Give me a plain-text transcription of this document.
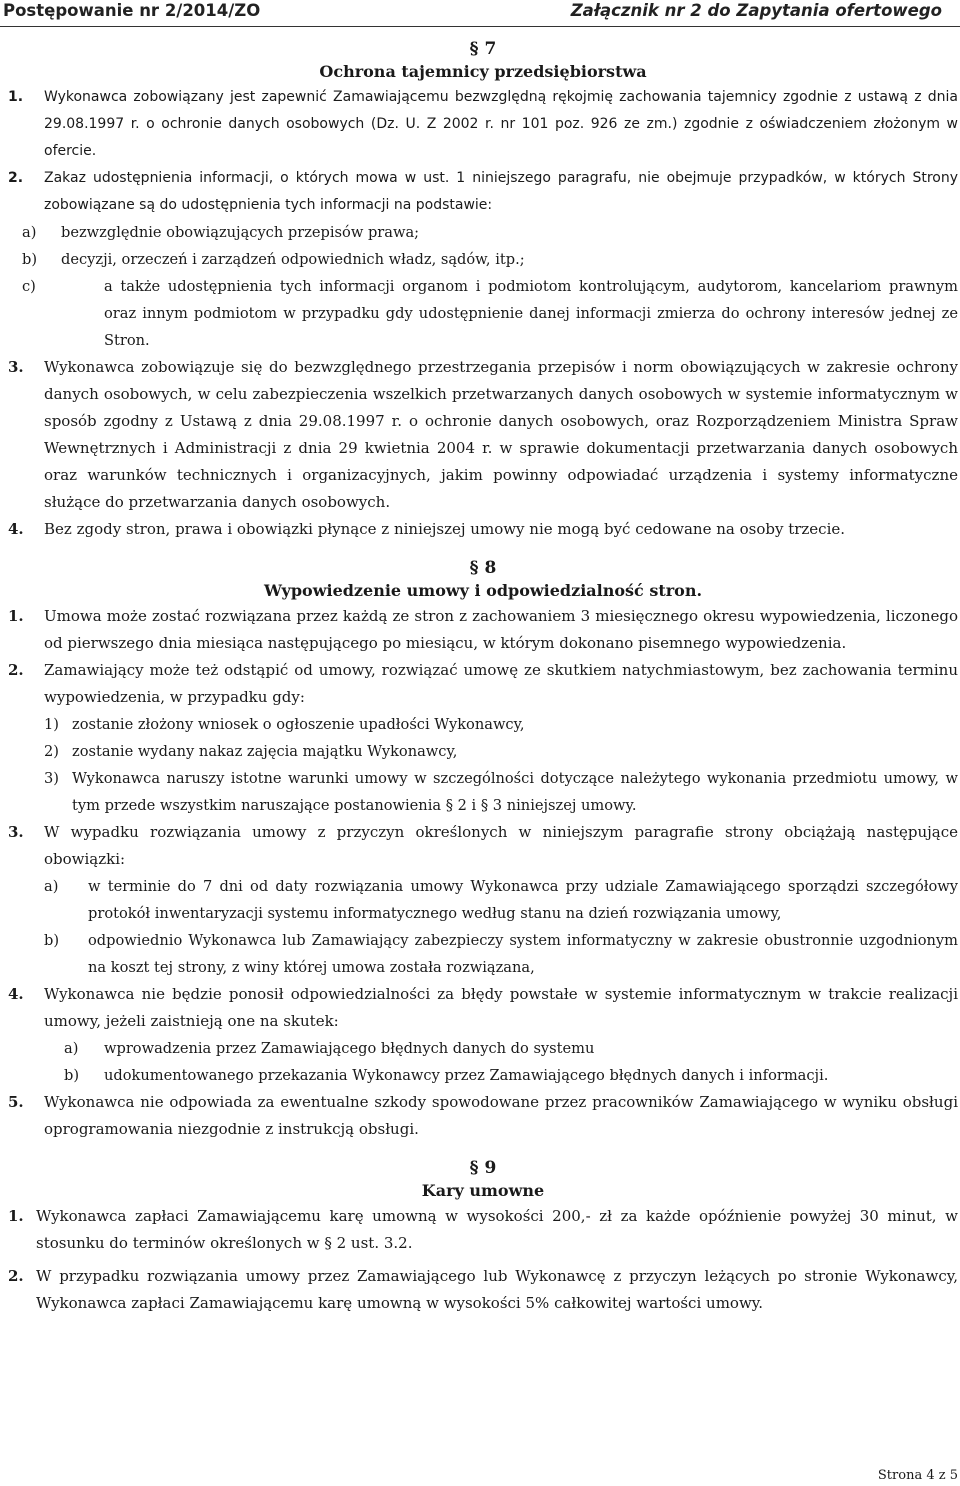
Postępowanie nr 2/2014/ZO	Załącznik nr 2 do Zapytania ofertowego
§ 7
Ochrona tajemnicy przedsiębiorstwa
1. Wykonawca zobowiązany jest zapewnić Zamawiającemu bezwzględną rękojmię zachowania tajemnicy zgodnie z ustawą z dnia 29.08.1997 r. o ochronie danych osobowych (Dz. U. Z 2002 r. nr 101 poz. 926 ze zm.) zgodnie z oświadczeniem złożonym w ofercie.
2. Zakaz udostępnienia informacji, o których mowa w ust. 1 niniejszego paragrafu, nie obejmuje przypadków, w których Strony zobowiązane są do udostępnienia tych informacji na podstawie:
a) bezwzględnie obowiązujących przepisów prawa;
b) decyzji, orzeczeń i zarządzeń odpowiednich władz, sądów, itp.;
c)	a także udostępnienia tych informacji organom i podmiotom kontrolującym, audytorom, kancelariom prawnym oraz innym podmiotom w przypadku gdy udostępnienie danej informacji zmierza do ochrony interesów jednej ze Stron.
3. Wykonawca zobowiązuje się do bezwzględnego przestrzegania przepisów i norm obowiązujących w zakresie ochrony danych osobowych, w celu zabezpieczenia wszelkich przetwarzanych danych osobowych w systemie informatycznym w sposób zgodny z Ustawą z dnia 29.08.1997 r. o ochronie danych osobowych, oraz Rozporządzeniem Ministra Spraw Wewnętrznych i Administracji z dnia 29 kwietnia 2004 r. w sprawie dokumentacji przetwarzania danych osobowych oraz warunków technicznych i organizacyjnych, jakim powinny odpowiadać urządzenia i systemy informatyczne służące do przetwarzania danych osobowych.
4. Bez zgody stron, prawa i obowiązki płynące z niniejszej umowy nie mogą być cedowane na osoby trzecie.
§ 8
Wypowiedzenie umowy i odpowiedzialność stron.
1. Umowa może zostać rozwiązana przez każdą ze stron z zachowaniem 3 miesięcznego okresu wypowiedzenia, liczonego od pierwszego dnia miesiąca następującego po miesiącu, w którym dokonano pisemnego wypowiedzenia.
2. Zamawiający może też odstąpić od umowy, rozwiązać umowę ze skutkiem natychmiastowym, bez zachowania terminu wypowiedzenia, w przypadku gdy:
1) zostanie złożony wniosek o ogłoszenie upadłości Wykonawcy,
2) zostanie wydany nakaz zajęcia majątku Wykonawcy,
3) Wykonawca naruszy istotne warunki umowy w szczególności dotyczące należytego wykonania przedmiotu umowy, w tym przede wszystkim naruszające postanowienia § 2 i § 3 niniejszej umowy.
3. W wypadku rozwiązania umowy z przyczyn określonych w niniejszym paragrafie strony obciążają następujące obowiązki:
a) w terminie do 7 dni od daty rozwiązania umowy Wykonawca przy udziale Zamawiającego sporządzi szczegółowy protokół inwentaryzacji systemu informatycznego według stanu na dzień rozwiązania umowy,
b) odpowiednio Wykonawca lub Zamawiający zabezpieczy system informatyczny w zakresie obustronnie uzgodnionym na koszt tej strony, z winy której umowa została rozwiązana,
4. Wykonawca nie będzie ponosił odpowiedzialności za błędy powstałe w systemie informatycznym w trakcie realizacji umowy, jeżeli zaistnieją one na skutek:
a) wprowadzenia przez Zamawiającego błędnych danych do systemu
b) udokumentowanego przekazania Wykonawcy przez Zamawiającego błędnych danych i informacji.
5. Wykonawca nie odpowiada za ewentualne szkody spowodowane przez pracowników Zamawiającego w wyniku obsługi oprogramowania niezgodnie z instrukcją obsługi.
§ 9
Kary umowne
1. Wykonawca zapłaci Zamawiającemu karę umowną w wysokości 200,- zł za każde opóźnienie powyżej 30 minut, w stosunku do terminów określonych w § 2 ust. 3.2.
2. W przypadku rozwiązania umowy przez Zamawiającego lub Wykonawcę z przyczyn leżących po stronie Wykonawcy, Wykonawca zapłaci Zamawiającemu karę umowną w wysokości 5% całkowitej wartości umowy.
Strona 4 z 5
